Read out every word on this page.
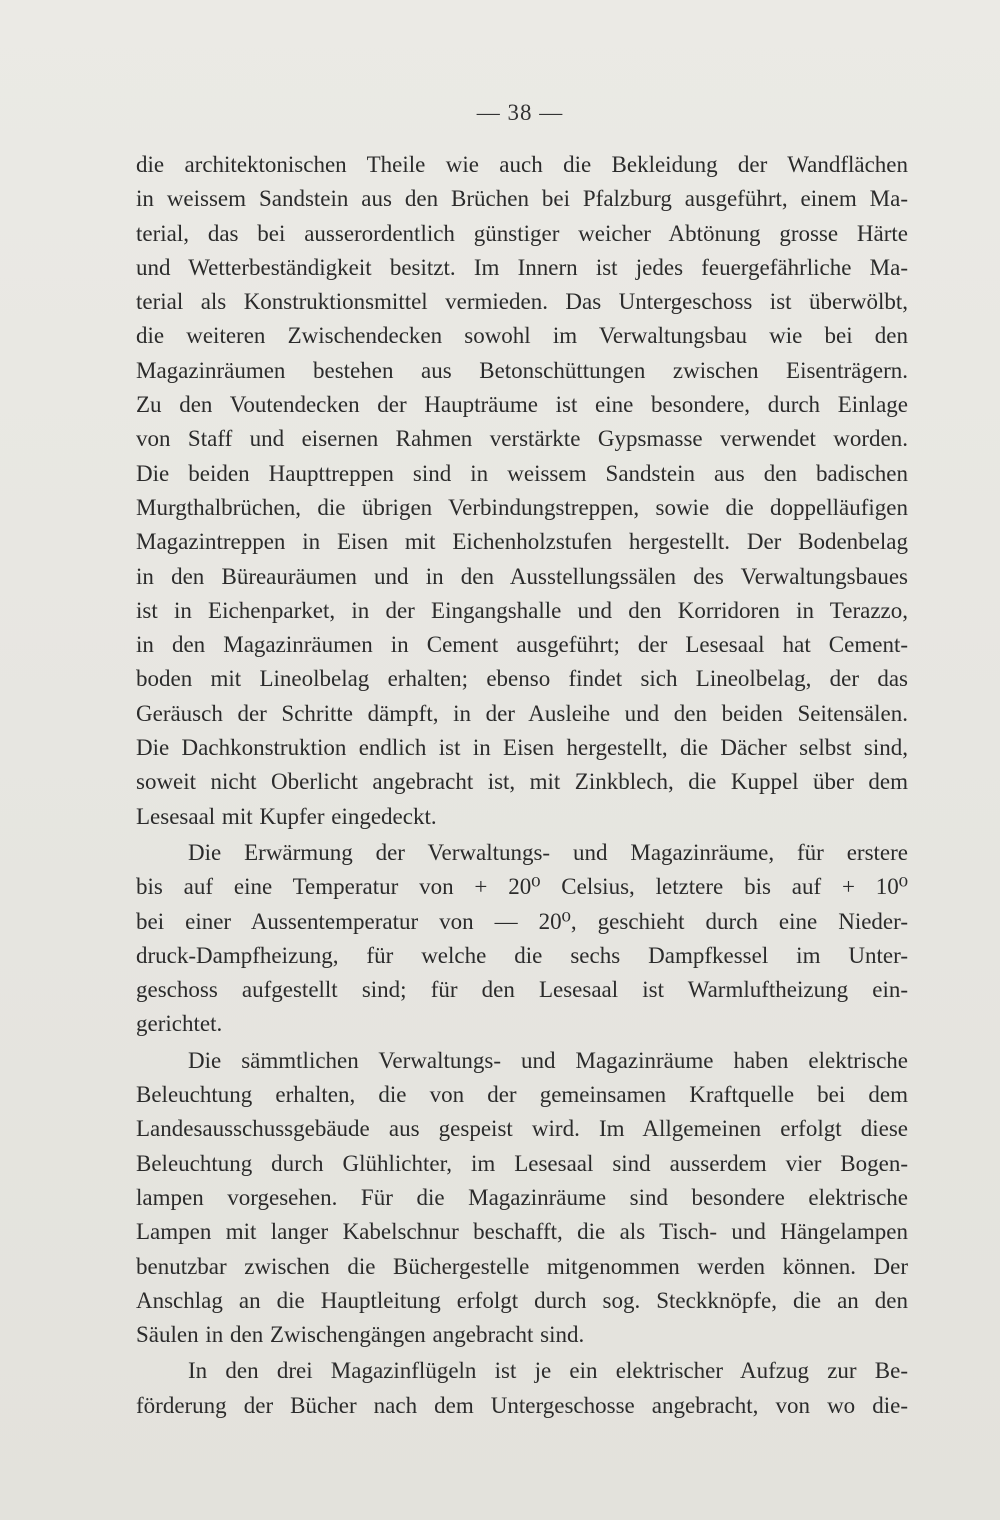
— 38 —
die architektonischen Theile wie auch die Bekleidung der Wandflächen
in weissem Sandstein aus den Brüchen bei Pfalzburg ausgeführt, einem Ma-
terial, das bei ausserordentlich günstiger weicher Abtönung grosse Härte
und Wetterbeständigkeit besitzt. Im Innern ist jedes feuergefährliche Ma-
terial als Konstruktionsmittel vermieden. Das Untergeschoss ist überwölbt,
die weiteren Zwischendecken sowohl im Verwaltungsbau wie bei den
Magazinräumen bestehen aus Betonschüttungen zwischen Eisenträgern.
Zu den Voutendecken der Haupträume ist eine besondere, durch Einlage
von Staff und eisernen Rahmen verstärkte Gypsmasse verwendet worden.
Die beiden Haupttreppen sind in weissem Sandstein aus den badischen
Murgthalbrüchen, die übrigen Verbindungstreppen, sowie die doppelläufigen
Magazintreppen in Eisen mit Eichenholzstufen hergestellt. Der Bodenbelag
in den Büreauräumen und in den Ausstellungssälen des Verwaltungsbaues
ist in Eichenparket, in der Eingangshalle und den Korridoren in Terazzo,
in den Magazinräumen in Cement ausgeführt; der Lesesaal hat Cement-
boden mit Lineolbelag erhalten; ebenso findet sich Lineolbelag, der das
Geräusch der Schritte dämpft, in der Ausleihe und den beiden Seitensälen.
Die Dachkonstruktion endlich ist in Eisen hergestellt, die Dächer selbst sind,
soweit nicht Oberlicht angebracht ist, mit Zinkblech, die Kuppel über dem
Lesesaal mit Kupfer eingedeckt.
Die Erwärmung der Verwaltungs- und Magazinräume, für erstere
bis auf eine Temperatur von + 20⁰ Celsius, letztere bis auf + 10⁰
bei einer Aussentemperatur von — 20⁰, geschieht durch eine Nieder-
druck-Dampfheizung, für welche die sechs Dampfkessel im Unter-
geschoss aufgestellt sind; für den Lesesaal ist Warmluftheizung ein-
gerichtet.
Die sämmtlichen Verwaltungs- und Magazinräume haben elektrische
Beleuchtung erhalten, die von der gemeinsamen Kraftquelle bei dem
Landesausschussgebäude aus gespeist wird. Im Allgemeinen erfolgt diese
Beleuchtung durch Glühlichter, im Lesesaal sind ausserdem vier Bogen-
lampen vorgesehen. Für die Magazinräume sind besondere elektrische
Lampen mit langer Kabelschnur beschafft, die als Tisch- und Hängelampen
benutzbar zwischen die Büchergestelle mitgenommen werden können. Der
Anschlag an die Hauptleitung erfolgt durch sog. Steckknöpfe, die an den
Säulen in den Zwischengängen angebracht sind.
In den drei Magazinflügeln ist je ein elektrischer Aufzug zur Be-
förderung der Bücher nach dem Untergeschosse angebracht, von wo die-
